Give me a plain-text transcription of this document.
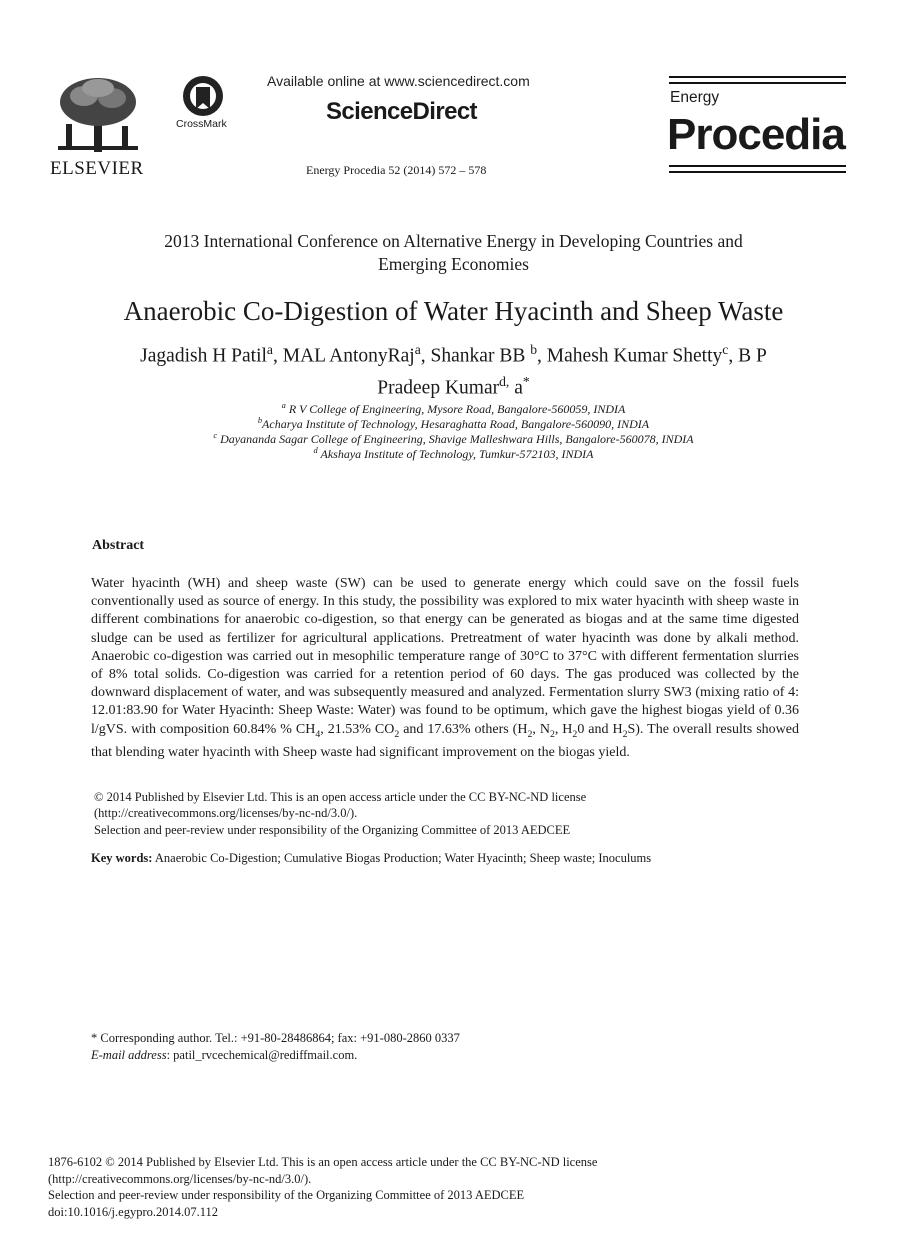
ELSEVIER
CrossMark
Available online at www.sciencedirect.com
ScienceDirect
Energy Procedia 52 (2014) 572 – 578
Energy
Procedia
2013 International Conference on Alternative Energy in Developing Countries and
Emerging Economies
Anaerobic Co-Digestion of Water Hyacinth and Sheep Waste
Jagadish H Patil$^a$, MAL AntonyRaj$^a$, Shankar BB $^b$, Mahesh Kumar Shetty$^c$, B P
Pradeep Kumar$^{d,}$ a*
$^a$ R V College of Engineering, Mysore Road, Bangalore-560059, INDIA
$^b$Acharya Institute of Technology, Hesaraghatta Road, Bangalore-560090, INDIA
$^c$ Dayananda Sagar College of Engineering, Shavige Malleshwara Hills, Bangalore-560078, INDIA
$^d$ Akshaya Institute of Technology, Tumkur-572103, INDIA
Abstract
Water hyacinth (WH) and sheep waste (SW) can be used to generate energy which could save on the fossil fuels conventionally used as source of energy. In this study, the possibility was explored to mix water hyacinth with sheep waste in different combinations for anaerobic co-digestion, so that energy can be generated as biogas and at the same time digested sludge can be used as fertilizer for agricultural applications. Pretreatment of water hyacinth was done by alkali method. Anaerobic co-digestion was carried out in mesophilic temperature range of 30°C to 37°C with different fermentation slurries of 8% total solids. Co-digestion was carried for a retention period of 60 days. The gas produced was collected by the downward displacement of water, and was subsequently measured and analyzed. Fermentation slurry SW3 (mixing ratio of 4: 12.01:83.90 for Water Hyacinth: Sheep Waste: Water) was found to be optimum, which gave the highest biogas yield of 0.36 l/gVS. with composition 60.84% % $CH_4$, 21.53% $CO_2$ and 17.63% others ($H_2$, $N_2$, $H_20$ and $H_2S$). The overall results showed that blending water hyacinth with Sheep waste had significant improvement on the biogas yield.
© 2014 Published by Elsevier Ltd. This is an open access article under the CC BY-NC-ND license
(http://creativecommons.org/licenses/by-nc-nd/3.0/).
Selection and peer-review under responsibility of the Organizing Committee of 2013 AEDCEE
Key words: Anaerobic Co-Digestion; Cumulative Biogas Production; Water Hyacinth; Sheep waste; Inoculums
* Corresponding author. Tel.: +91-80-28486864; fax: +91-080-2860 0337
E-mail address: patil_rvcechemical@rediffmail.com.
1876-6102 © 2014 Published by Elsevier Ltd. This is an open access article under the CC BY-NC-ND license
(http://creativecommons.org/licenses/by-nc-nd/3.0/).
Selection and peer-review under responsibility of the Organizing Committee of 2013 AEDCEE
doi:10.1016/j.egypro.2014.07.112
